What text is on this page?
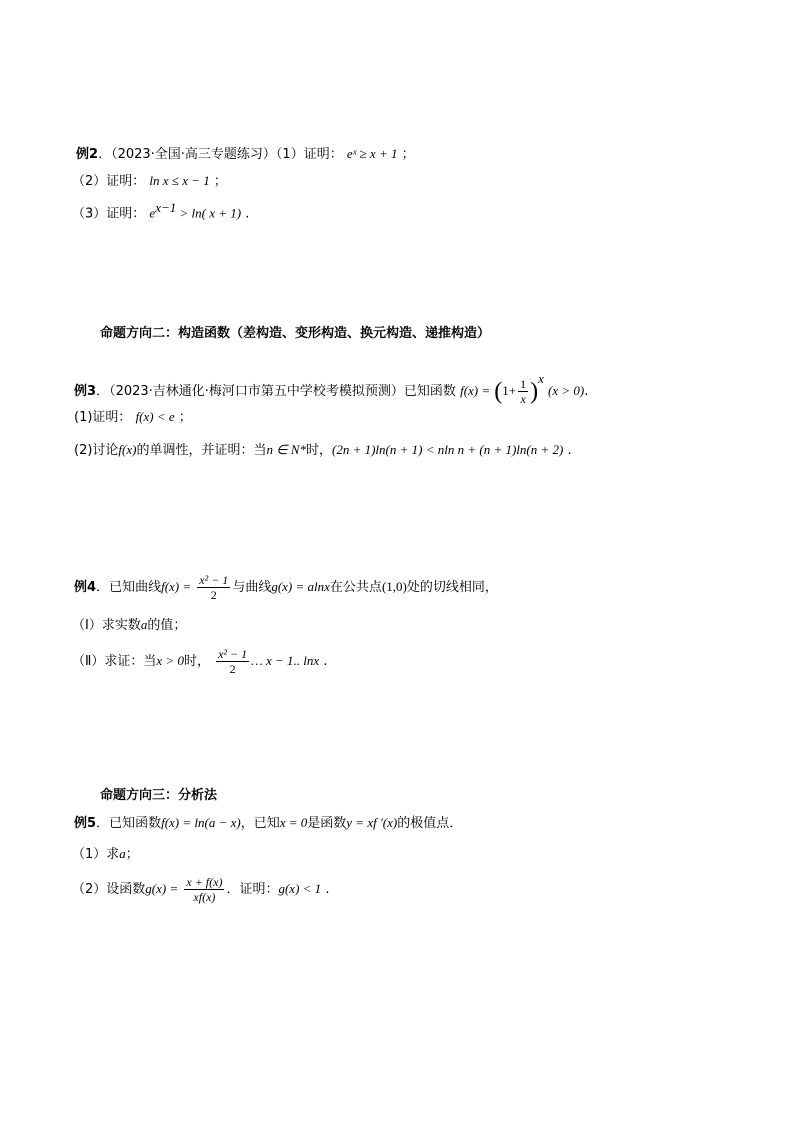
例2．（2023·全国·高三专题练习）（1）证明： eˣ ≥ x + 1 ；
（2）证明： ln x ≤ x − 1 ；
（3）证明： $e^{x-1} > \ln$( x + 1) .
命题方向二：构造函数（差构造、变形构造、换元构造、递推构造）
例3．（2023·吉林通化·梅河口市第五中学校考模拟预测）已知函数 $f(x) = (1+ \frac{1}{x} )^x$ (x > 0).
(1)证明： f(x) < e ；
(2)讨论f(x)的单调性，并证明：当n ∈ N*时，(2n + 1)ln(n + 1) < nln n + (n + 1)ln(n + 2) .
例4．已知曲线$f(x) = \frac{\text{x² − 1}}{2}$ 与曲线g(x) = alnx在公共点(1,0)处的切线相同，
（Ⅰ）求实数a的值；
（Ⅱ）求证：当x > 0时， $\frac{\text{x² − 1}}{2}$ … x − 1.. lnx .
命题方向三：分析法
例5．已知函数f(x) = ln(a − x)，已知x = 0是函数y = xf ′(x)的极值点．
（1）求a；
（2）设函数$g(x) = \frac{x + f(x)}{xf(x)}$ ．证明：g(x) < 1 .
